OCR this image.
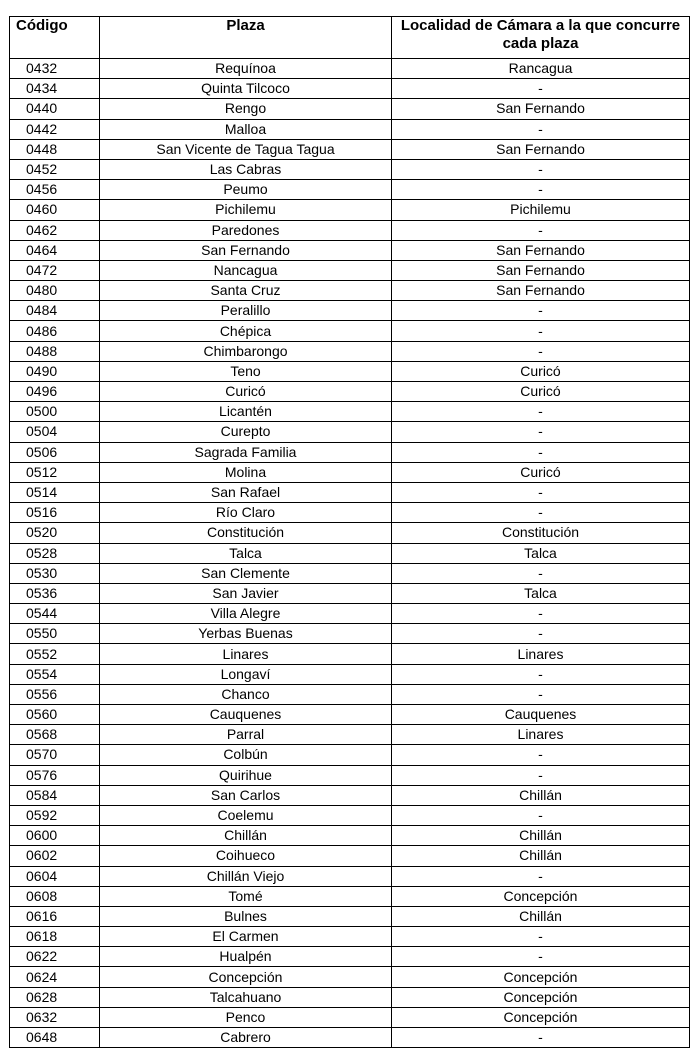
Código	Plaza	Localidad de Cámara a la que concurre cada plaza
0432	Requínoa	Rancagua
0434	Quinta Tilcoco	-
0440	Rengo	San Fernando
0442	Malloa	-
0448	San Vicente de Tagua Tagua	San Fernando
0452	Las Cabras	-
0456	Peumo	-
0460	Pichilemu	Pichilemu
0462	Paredones	-
0464	San Fernando	San Fernando
0472	Nancagua	San Fernando
0480	Santa Cruz	San Fernando
0484	Peralillo	-
0486	Chépica	-
0488	Chimbarongo	-
0490	Teno	Curicó
0496	Curicó	Curicó
0500	Licantén	-
0504	Curepto	-
0506	Sagrada Familia	-
0512	Molina	Curicó
0514	San Rafael	-
0516	Río Claro	-
0520	Constitución	Constitución
0528	Talca	Talca
0530	San Clemente	-
0536	San Javier	Talca
0544	Villa Alegre	-
0550	Yerbas Buenas	-
0552	Linares	Linares
0554	Longaví	-
0556	Chanco	-
0560	Cauquenes	Cauquenes
0568	Parral	Linares
0570	Colbún	-
0576	Quirihue	-
0584	San Carlos	Chillán
0592	Coelemu	-
0600	Chillán	Chillán
0602	Coihueco	Chillán
0604	Chillán Viejo	-
0608	Tomé	Concepción
0616	Bulnes	Chillán
0618	El Carmen	-
0622	Hualpén	-
0624	Concepción	Concepción
0628	Talcahuano	Concepción
0632	Penco	Concepción
0648	Cabrero	-
